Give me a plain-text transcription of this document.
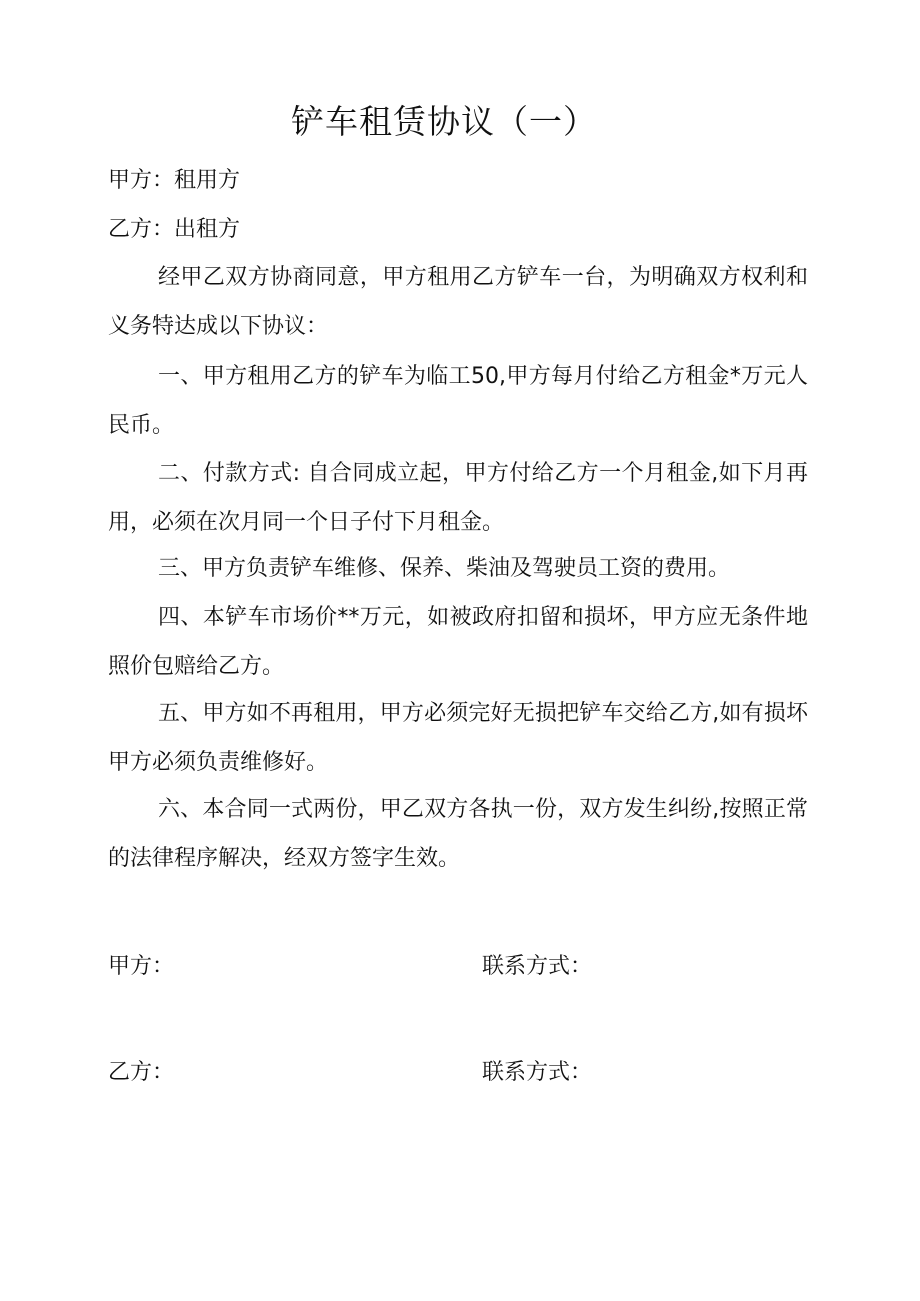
铲车租赁协议（一）
甲方：租用方
乙方：出租方
经甲乙双方协商同意，甲方租用乙方铲车一台，为明确双方权利和义务特达成以下协议：
一、甲方租用乙方的铲车为临工50,甲方每月付给乙方租金*万元人民币。
二、付款方式: 自合同成立起，甲方付给乙方一个月租金,如下月再用，必须在次月同一个日子付下月租金。
三、甲方负责铲车维修、保养、柴油及驾驶员工资的费用。
四、本铲车市场价**万元，如被政府扣留和损坏，甲方应无条件地照价包赔给乙方。
五、甲方如不再租用，甲方必须完好无损把铲车交给乙方,如有损坏甲方必须负责维修好。
六、本合同一式两份，甲乙双方各执一份，双方发生纠纷,按照正常的法律程序解决，经双方签字生效。
甲方：	联系方式：
乙方：	联系方式：
